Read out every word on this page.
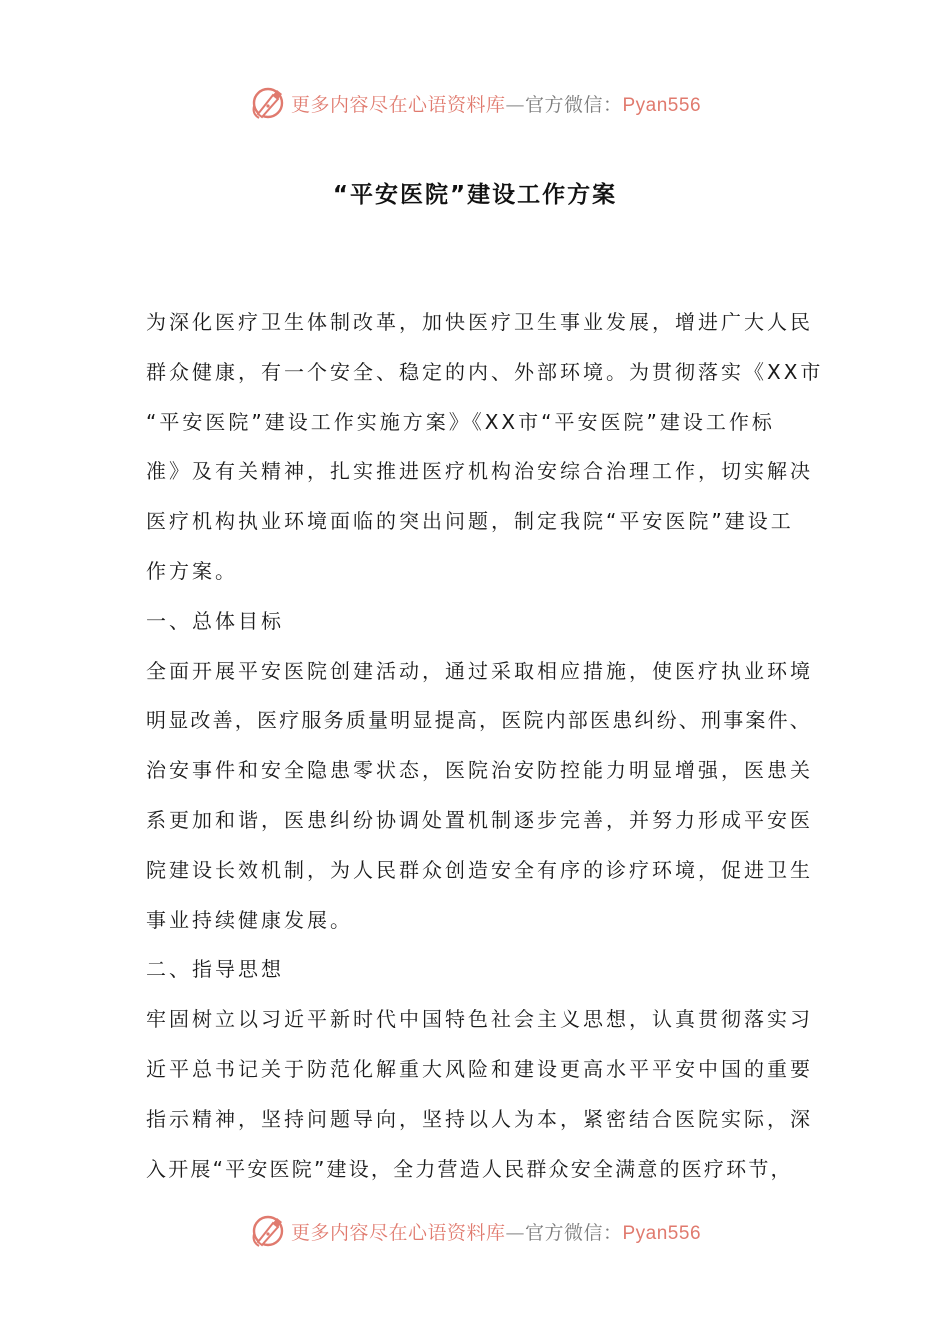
更多内容尽在心语资料库—官方微信：Pyan556
“平安医院”建设工作方案
为深化医疗卫生体制改革，加快医疗卫生事业发展，增进广大人民
群众健康，有一个安全、稳定的内、外部环境。为贯彻落实《XX市
“平安医院”建设工作实施方案》《XX市“平安医院”建设工作标
准》及有关精神，扎实推进医疗机构治安综合治理工作，切实解决
医疗机构执业环境面临的突出问题，制定我院“平安医院”建设工
作方案。
一、总体目标
全面开展平安医院创建活动，通过采取相应措施，使医疗执业环境
明显改善，医疗服务质量明显提高，医院内部医患纠纷、刑事案件、
治安事件和安全隐患零状态，医院治安防控能力明显增强，医患关
系更加和谐，医患纠纷协调处置机制逐步完善，并努力形成平安医
院建设长效机制，为人民群众创造安全有序的诊疗环境，促进卫生
事业持续健康发展。
二、指导思想
牢固树立以习近平新时代中国特色社会主义思想，认真贯彻落实习
近平总书记关于防范化解重大风险和建设更高水平平安中国的重要
指示精神，坚持问题导向，坚持以人为本，紧密结合医院实际，深
入开展“平安医院”建设，全力营造人民群众安全满意的医疗环节，
更多内容尽在心语资料库—官方微信：Pyan556
